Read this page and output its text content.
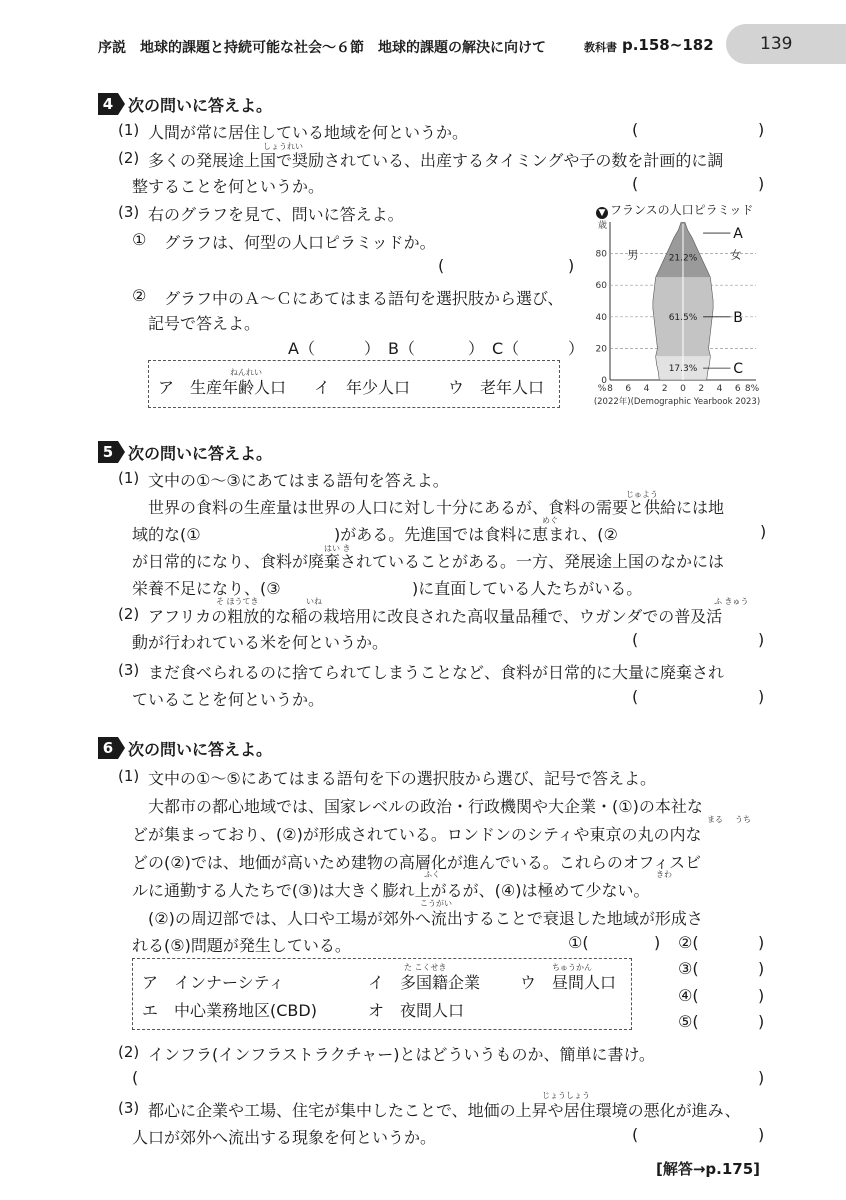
序説　地球的課題と持続可能な社会～６節　地球的課題の解決に向けて	教科書 p.158~182	139
4 次の問いに答えよ。
(1) 人間が常に居住している地域を何というか。	(	)
(2)
しょうれい
多くの発展途上国で奨励されている、出産するタイミングや子の数を計画的に調
整することを何というか。	(	)
(3) 右のグラフを見て、問いに答えよ。
① グラフは、何型の人口ピラミッドか。
(	)
② グラフ中のＡ～Ｃにあてはまる語句を選択肢から選び、
記号で答えよ。
A（	）　B（	）　C（	）
ねんれい
ア　生産年齢人口 イ　年少人口 ウ　老年人口
▼ フランスの人口ピラミッド
80
60
40
20
0
歳
8 6 4 2 0 2 4 6 8%
%
17.3%	C
61.5%	B
21.2%
A
男	女
(2022年)(Demographic Yearbook 2023)
5 次の問いに答えよ。
(1) 文中の①～③にあてはまる語句を答えよ。
じゅよう
世界の食料の生産量は世界の人口に対し十分にあるが、食料の需要と供給には地
域的な(①
めぐ
)がある。先進国では食料に恵まれ、(②	)
はい き
が日常的になり、食料が廃棄されていることがある。一方、発展途上国のなかには
栄養不足になり、(③	)に直面している人たちがいる。
(2)
そ ほうてき	いね	ふ きゅう
アフリカの粗放的な稲の栽培用に改良された高収量品種で、ウガンダでの普及活
動が行われている米を何というか。	(	)
(3) まだ食べられるのに捨てられてしまうことなど、食料が日常的に大量に廃棄され
ていることを何というか。	(	)
6 次の問いに答えよ。
(1) 文中の①～⑤にあてはまる語句を下の選択肢から選び、記号で答えよ。
大都市の都心地域では、国家レベルの政治・行政機関や大企業・(①)の本社な
まる うち
どが集まっており、(②)が形成されている。ロンドンのシティや東京の丸の内な
どの(②)では、地価が高いため建物の高層化が進んでいる。これらのオフィスビ
ふく	きわ
ルに通勤する人たちで(③)は大きく膨れ上がるが、(④)は極めて少ない。
こうがい
(②)の周辺部では、人口や工場が郊外へ流出することで衰退した地域が形成さ
れる(⑤)問題が発生している。	①(	) ②(	)
③(	)
④(	)
⑤(	)
た こくせき	ちゅうかん
ア　インナーシティ	イ　多国籍企業 ウ　昼間人口
エ　中心業務地区(CBD)	オ　夜間人口
(2) インフラ(インフラストラクチャー)とはどういうものか、簡単に書け。
(	)
(3)
じょうしょう
都心に企業や工場、住宅が集中したことで、地価の上昇や居住環境の悪化が進み、
人口が郊外へ流出する現象を何というか。	(	)
[解答→p.175]
